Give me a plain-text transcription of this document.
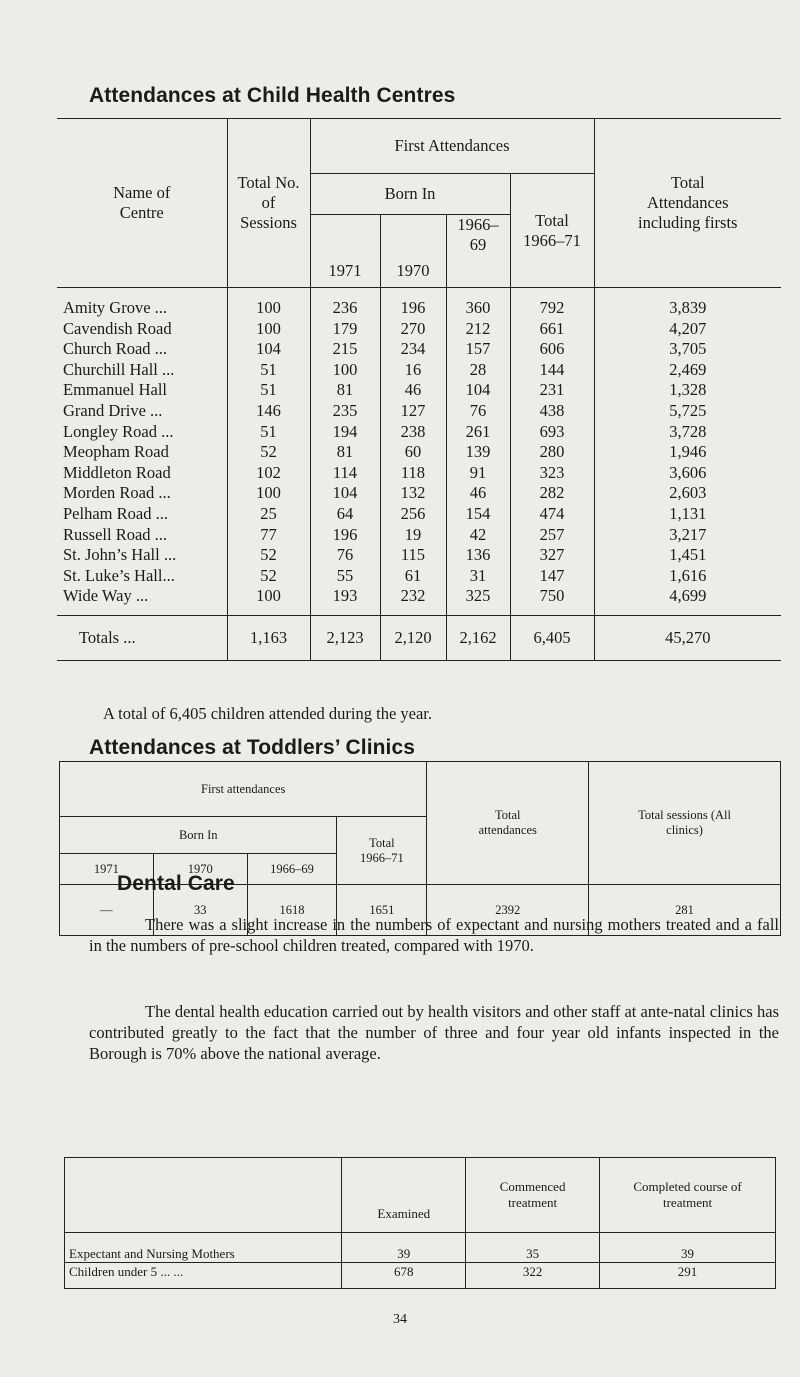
Attendances at Child Health Centres
Name of Centre	Total No. of Sessions	First Attendances				Total Attendances including firsts

		Born In			Total 1966–71	

		1971	1970	1966–69		

Amity Grove ...	100	236	196	360	792	3,839
Cavendish Road	100	179	270	212	661	4,207
Church Road ...	104	215	234	157	606	3,705
Churchill Hall ...	51	100	16	28	144	2,469
Emmanuel Hall	51	81	46	104	231	1,328
Grand Drive ...	146	235	127	76	438	5,725
Longley Road ...	51	194	238	261	693	3,728
Meopham Road	52	81	60	139	280	1,946
Middleton Road	102	114	118	91	323	3,606
Morden Road ...	100	104	132	46	282	2,603
Pelham Road ...	25	64	256	154	474	1,131
Russell Road ...	77	196	19	42	257	3,217
St. John’s Hall ...	52	76	115	136	327	1,451
St. Luke’s Hall...	52	55	61	31	147	1,616
Wide Way ...	100	193	232	325	750	4,699
Totals ...	1,163	2,123	2,120	2,162	6,405	45,270

A total of 6,405 children attended during the year.

Attendances at Toddlers’ Clinics
First attendances				Total attendances	Total sessions (All clinics)

Born In			Total 1966–71		

1971	1970	1966–69			
—	33	1618	1651	2392	281
Dental Care

There was a slight increase in the numbers of expectant and nursing mothers treated and a fall in the numbers of pre-school children treated, compared with 1970.

The dental health education carried out by health visitors and other staff at ante-natal clinics has contributed greatly to the fact that the number of three and four year old infants inspected in the Borough is 70% above the national average.

	Examined	Commenced treatment	Completed course of treatment

Expectant and Nursing Mothers	39	35	39
Children under 5 ... ...	678	322	291
34
